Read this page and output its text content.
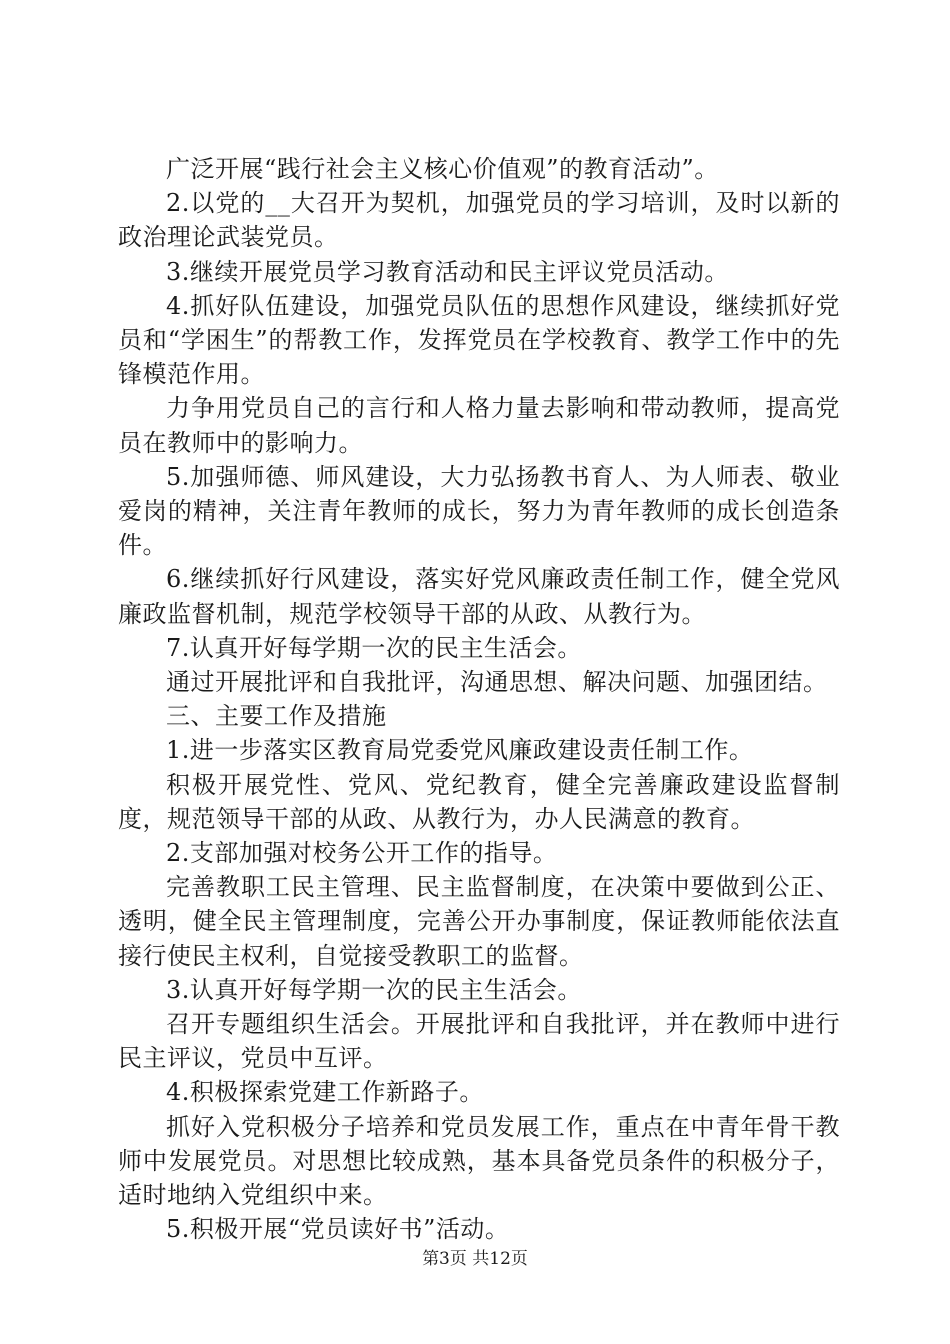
广泛开展“践行社会主义核心价值观”的教育活动”。

2.以党的__大召开为契机，加强党员的学习培训，及时以新的政治理论武装党员。

3.继续开展党员学习教育活动和民主评议党员活动。

4.抓好队伍建设，加强党员队伍的思想作风建设，继续抓好党员和“学困生”的帮教工作，发挥党员在学校教育、教学工作中的先锋模范作用。

力争用党员自己的言行和人格力量去影响和带动教师，提高党员在教师中的影响力。

5.加强师德、师风建设，大力弘扬教书育人、为人师表、敬业爱岗的精神，关注青年教师的成长，努力为青年教师的成长创造条件。

6.继续抓好行风建设，落实好党风廉政责任制工作，健全党风廉政监督机制，规范学校领导干部的从政、从教行为。

7.认真开好每学期一次的民主生活会。

通过开展批评和自我批评，沟通思想、解决问题、加强团结。

三、主要工作及措施

1.进一步落实区教育局党委党风廉政建设责任制工作。

积极开展党性、党风、党纪教育，健全完善廉政建设监督制度，规范领导干部的从政、从教行为，办人民满意的教育。

2.支部加强对校务公开工作的指导。

完善教职工民主管理、民主监督制度，在决策中要做到公正、透明，健全民主管理制度，完善公开办事制度，保证教师能依法直接行使民主权利，自觉接受教职工的监督。

3.认真开好每学期一次的民主生活会。

召开专题组织生活会。开展批评和自我批评，并在教师中进行民主评议，党员中互评。

4.积极探索党建工作新路子。

抓好入党积极分子培养和党员发展工作，重点在中青年骨干教师中发展党员。对思想比较成熟，基本具备党员条件的积极分子，适时地纳入党组织中来。

5.积极开展“党员读好书”活动。

第3页 共12页
